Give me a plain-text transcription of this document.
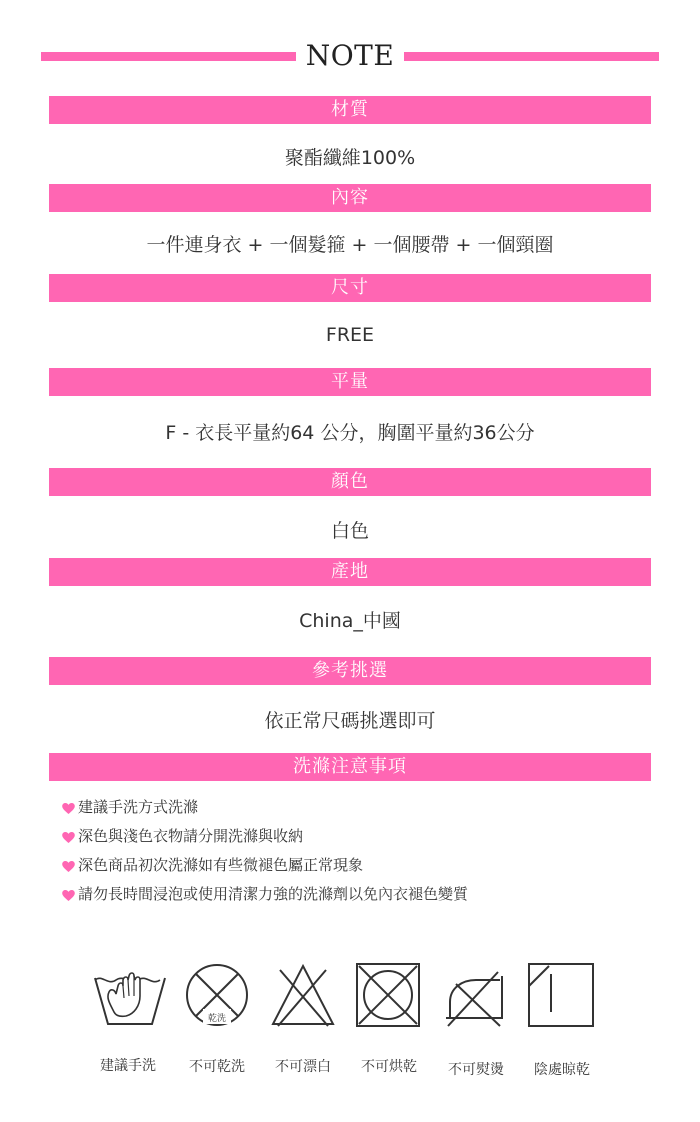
NOTE
材質
聚酯纖維100%
內容
一件連身衣 + 一個髮箍 + 一個腰帶 + 一個頸圈
尺寸
FREE
平量
F - 衣長平量約64 公分，胸圍平量約36公分
顏色
白色
產地
China_中國
參考挑選
依正常尺碼挑選即可
洗滌注意事項
建議手洗方式洗滌
深色與淺色衣物請分開洗滌與收納
深色商品初次洗滌如有些微褪色屬正常現象
請勿長時間浸泡或使用清潔力強的洗滌劑以免內衣褪色變質
乾洗
建議手洗	不可乾洗	不可漂白	不可烘乾	不可熨燙	陰處晾乾
